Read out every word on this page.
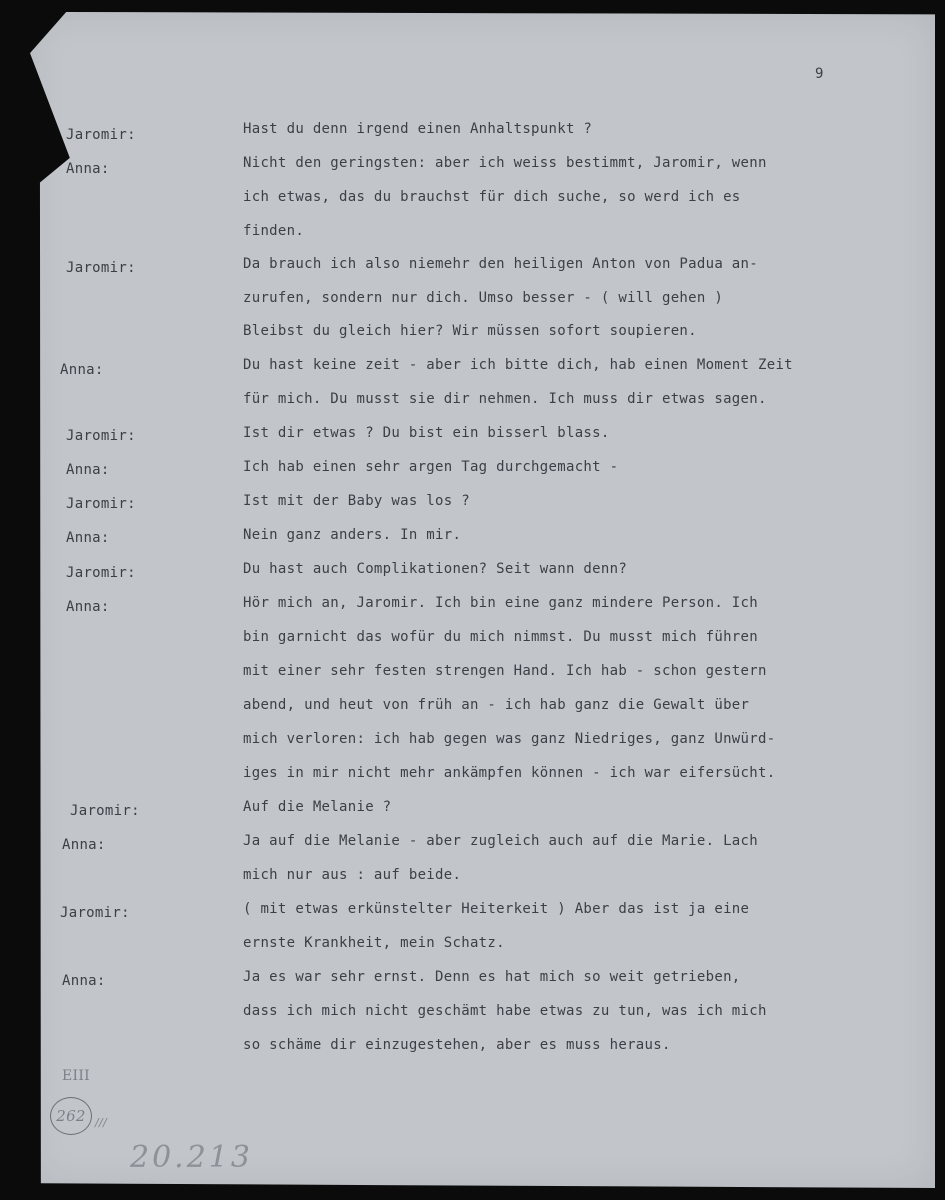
9
Jaromir:
Anna:
Jaromir:
Anna:
Jaromir:
Anna:
Jaromir:
Anna:
Jaromir:
Anna:
Jaromir:
Anna:
Jaromir:
Anna:
Hast du denn irgend einen Anhaltspunkt ?
Nicht den geringsten: aber ich weiss bestimmt, Jaromir, wenn
ich etwas, das du brauchst für dich suche, so werd ich es
finden.
Da brauch ich also niemehr den heiligen Anton von Padua an-
zurufen, sondern nur dich. Umso besser - ( will gehen )
Bleibst du gleich hier? Wir müssen sofort soupieren.
Du hast keine zeit - aber ich bitte dich, hab einen Moment Zeit
für mich. Du musst sie dir nehmen. Ich muss dir etwas sagen.
Ist dir etwas ? Du bist ein bisserl blass.
Ich hab einen sehr argen Tag durchgemacht -
Ist mit der Baby was los ?
Nein ganz anders. In mir.
Du hast auch Complikationen? Seit wann denn?
Hör mich an, Jaromir. Ich bin eine ganz mindere Person. Ich
bin garnicht das wofür du mich nimmst. Du musst mich führen
mit einer sehr festen strengen Hand. Ich hab - schon gestern
abend, und heut von früh an - ich hab ganz die Gewalt über
mich verloren: ich hab gegen was ganz Niedriges, ganz Unwürd-
iges in mir nicht mehr ankämpfen können - ich war eifersücht.
Auf die Melanie ?
Ja auf die Melanie - aber zugleich auch auf die Marie. Lach
mich nur aus : auf beide.
( mit etwas erkünstelter Heiterkeit ) Aber das ist ja eine
ernste Krankheit, mein Schatz.
Ja es war sehr ernst. Denn es hat mich so weit getrieben,
dass ich mich nicht geschämt habe etwas zu tun, was ich mich
so schäme dir einzugestehen, aber es muss heraus.
EIII
262 ///
20.213
